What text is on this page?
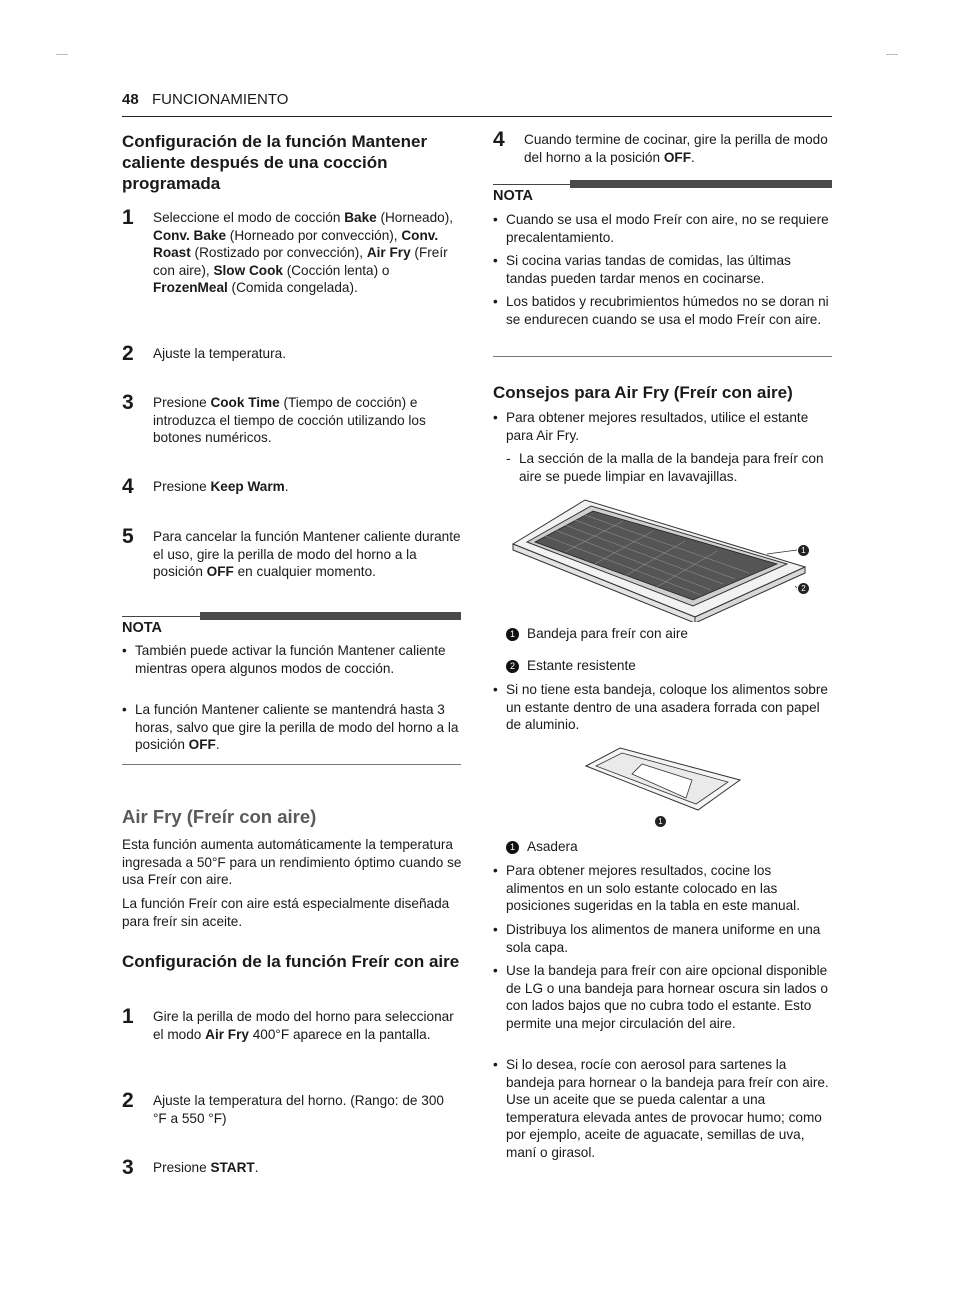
48 FUNCIONAMIENTO
Configuración de la función Mantener caliente después de una cocción programada
1 Seleccione el modo de cocción Bake (Horneado), Conv. Bake (Horneado por convección), Conv. Roast (Rostizado por convección), Air Fry (Freír con aire), Slow Cook (Cocción lenta) o FrozenMeal (Comida congelada).
2 Ajuste la temperatura.
3 Presione Cook Time (Tiempo de cocción) e introduzca el tiempo de cocción utilizando los botones numéricos.
4 Presione Keep Warm.
5 Para cancelar la función Mantener caliente durante el uso, gire la perilla de modo del horno a la posición OFF en cualquier momento.
NOTA
• También puede activar la función Mantener caliente mientras opera algunos modos de cocción.
• La función Mantener caliente se mantendrá hasta 3 horas, salvo que gire la perilla de modo del horno a la posición OFF.
Air Fry (Freír con aire)
Esta función aumenta automáticamente la temperatura ingresada a 50°F para un rendimiento óptimo cuando se usa Freír con aire.
La función Freír con aire está especialmente diseñada para freír sin aceite.
Configuración de la función Freír con aire
1 Gire la perilla de modo del horno para seleccionar el modo Air Fry 400°F aparece en la pantalla.
2 Ajuste la temperatura del horno. (Rango: de 300 °F a 550 °F)
3 Presione START.
4 Cuando termine de cocinar, gire la perilla de modo del horno a la posición OFF.
NOTA
• Cuando se usa el modo Freír con aire, no se requiere precalentamiento.
• Si cocina varias tandas de comidas, las últimas tandas pueden tardar menos en cocinarse.
• Los batidos y recubrimientos húmedos no se doran ni se endurecen cuando se usa el modo Freír con aire.
Consejos para Air Fry (Freír con aire)
• Para obtener mejores resultados, utilice el estante para Air Fry.
- La sección de la malla de la bandeja para freír con aire se puede limpiar en lavavajillas.
1
2
1 Bandeja para freír con aire
2 Estante resistente
• Si no tiene esta bandeja, coloque los alimentos sobre un estante dentro de una asadera forrada con papel de aluminio.
1
1 Asadera
• Para obtener mejores resultados, cocine los alimentos en un solo estante colocado en las posiciones sugeridas en la tabla en este manual.
• Distribuya los alimentos de manera uniforme en una sola capa.
• Use la bandeja para freír con aire opcional disponible de LG o una bandeja para hornear oscura sin lados o con lados bajos que no cubra todo el estante. Esto permite una mejor circulación del aire.
• Si lo desea, rocíe con aerosol para sartenes la bandeja para hornear o la bandeja para freír con aire. Use un aceite que se pueda calentar a una temperatura elevada antes de provocar humo; como por ejemplo, aceite de aguacate, semillas de uva, maní o girasol.
